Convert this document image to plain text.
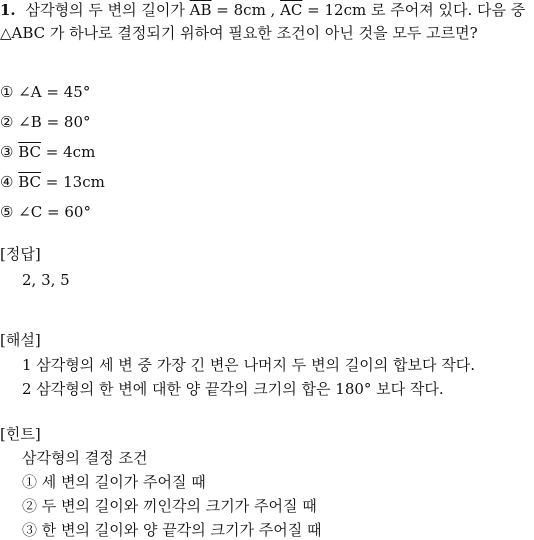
1. 삼각형의 두 변의 길이가 $\overline{AB} = 8cm$ , $\overline{AC} = 12cm$ 로 주어져 있다. 다음 중
△ABC 가 하나로 결정되기 위하여 필요한 조건이 아닌 것을 모두 고르면?
① ∠A = 45°
② ∠B = 80°
③ $\overline{BC} = 4cm$
④ $\overline{BC} = 13cm$
⑤ ∠C = 60°
[정답]
2, 3, 5
[해설]
1 삼각형의 세 변 중 가장 긴 변은 나머지 두 변의 길이의 합보다 작다.
2 삼각형의 한 변에 대한 양 끝각의 크기의 합은 180° 보다 작다.
[힌트]
삼각형의 결정 조건
① 세 변의 길이가 주어질 때
② 두 변의 길이와 끼인각의 크기가 주어질 때
③ 한 변의 길이와 양 끝각의 크기가 주어질 때
